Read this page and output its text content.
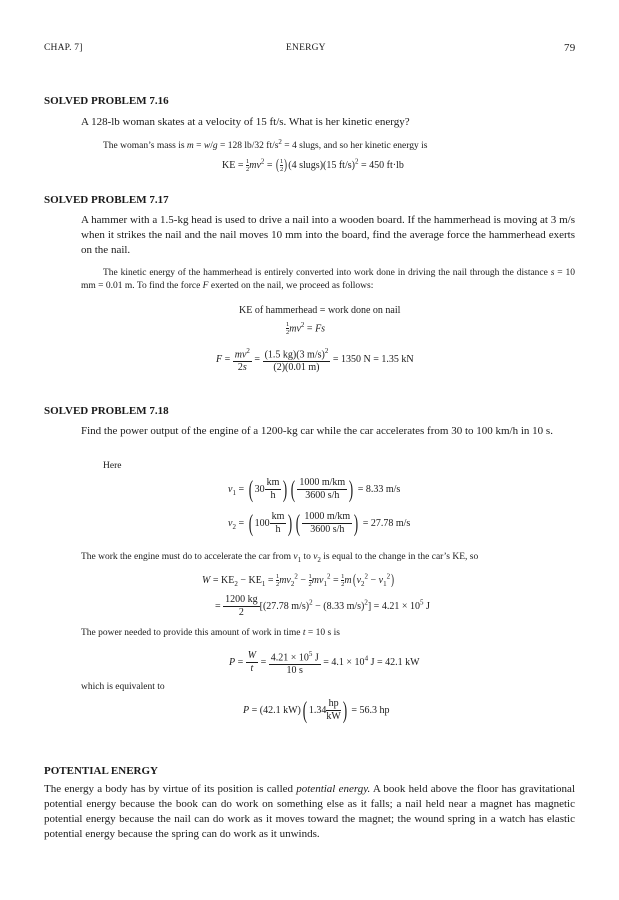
CHAP. 7]	ENERGY	79
SOLVED PROBLEM 7.16
A 128-lb woman skates at a velocity of 15 ft/s. What is her kinetic energy?
The woman’s mass is m = w/g = 128 lb/32 $ft/s^2 = 4$ slugs, and so her kinetic energy is
KE = $\frac{1}{2} mv^2$ = ( $\frac{1}{2} )(4$ slugs)(15 ft/s)$^2$ = 450 ft·lb
SOLVED PROBLEM 7.17
A hammer with a 1.5-kg head is used to drive a nail into a wooden board. If the hammerhead is moving at 3 m/s when it strikes the nail and the nail moves 10 mm into the board, find the average force the hammerhead exerts on the nail.
The kinetic energy of the hammerhead is entirely converted into work done in driving the nail through the distance s = 10 mm = 0.01 m. To find the force F exerted on the nail, we proceed as follows:
KE of hammerhead = work done on nail
$\frac{1}{2} mv^2 = Fs$
$F = \frac{mv^2}{2s} = \frac{(1.5 kg)(3 m/s)^2}{(2)(0.01 m)} = 1350$ N = 1.35 kN
SOLVED PROBLEM 7.18
Find the power output of the engine of a 1200-kg car while the car accelerates from 30 to 100 km/h in 10 s.
Here
$v_1$ = ( $30 \frac{km}{h}$ ) ( $\frac{1000 m/km}{3600 s/h}$ ) = 8.33 m/s
$v_2$ = ( $100 \frac{km}{h}$ ) ( $\frac{1000 m/km}{3600 s/h}$ ) = 27.78 m/s
The work the engine must do to accelerate the car from $v_1$ to $v_2$ is equal to the change in the car’s KE, so
$W = KE_2 - KE_1 = \frac{1}{2} mv_2^2 - \frac{1}{2} mv_1^2 = \frac{1}{2} m(v_2^2 - v_1^2)$
= $\frac{1200 kg}{2} [(27.78$ m/s)$^2$ − (8.33 $m/s)^2] = 4.21 \times 10^5$ J
The power needed to provide this amount of work in time t = 10 s is
$P = \frac{W}{t} = \frac{4.21 \times 10^5 J}{10 s} = 4.1 \times 10^4$ J = 42.1 kW
which is equivalent to
P = (42.1 kW)( $1.34 \frac{hp}{kW}$ ) = 56.3 hp
POTENTIAL ENERGY
The energy a body has by virtue of its position is called potential energy. A book held above the floor has gravitational potential energy because the book can do work on something else as it falls; a nail held near a magnet has magnetic potential energy because the nail can do work as it moves toward the magnet; the wound spring in a watch has elastic potential energy because the spring can do work as it unwinds.
